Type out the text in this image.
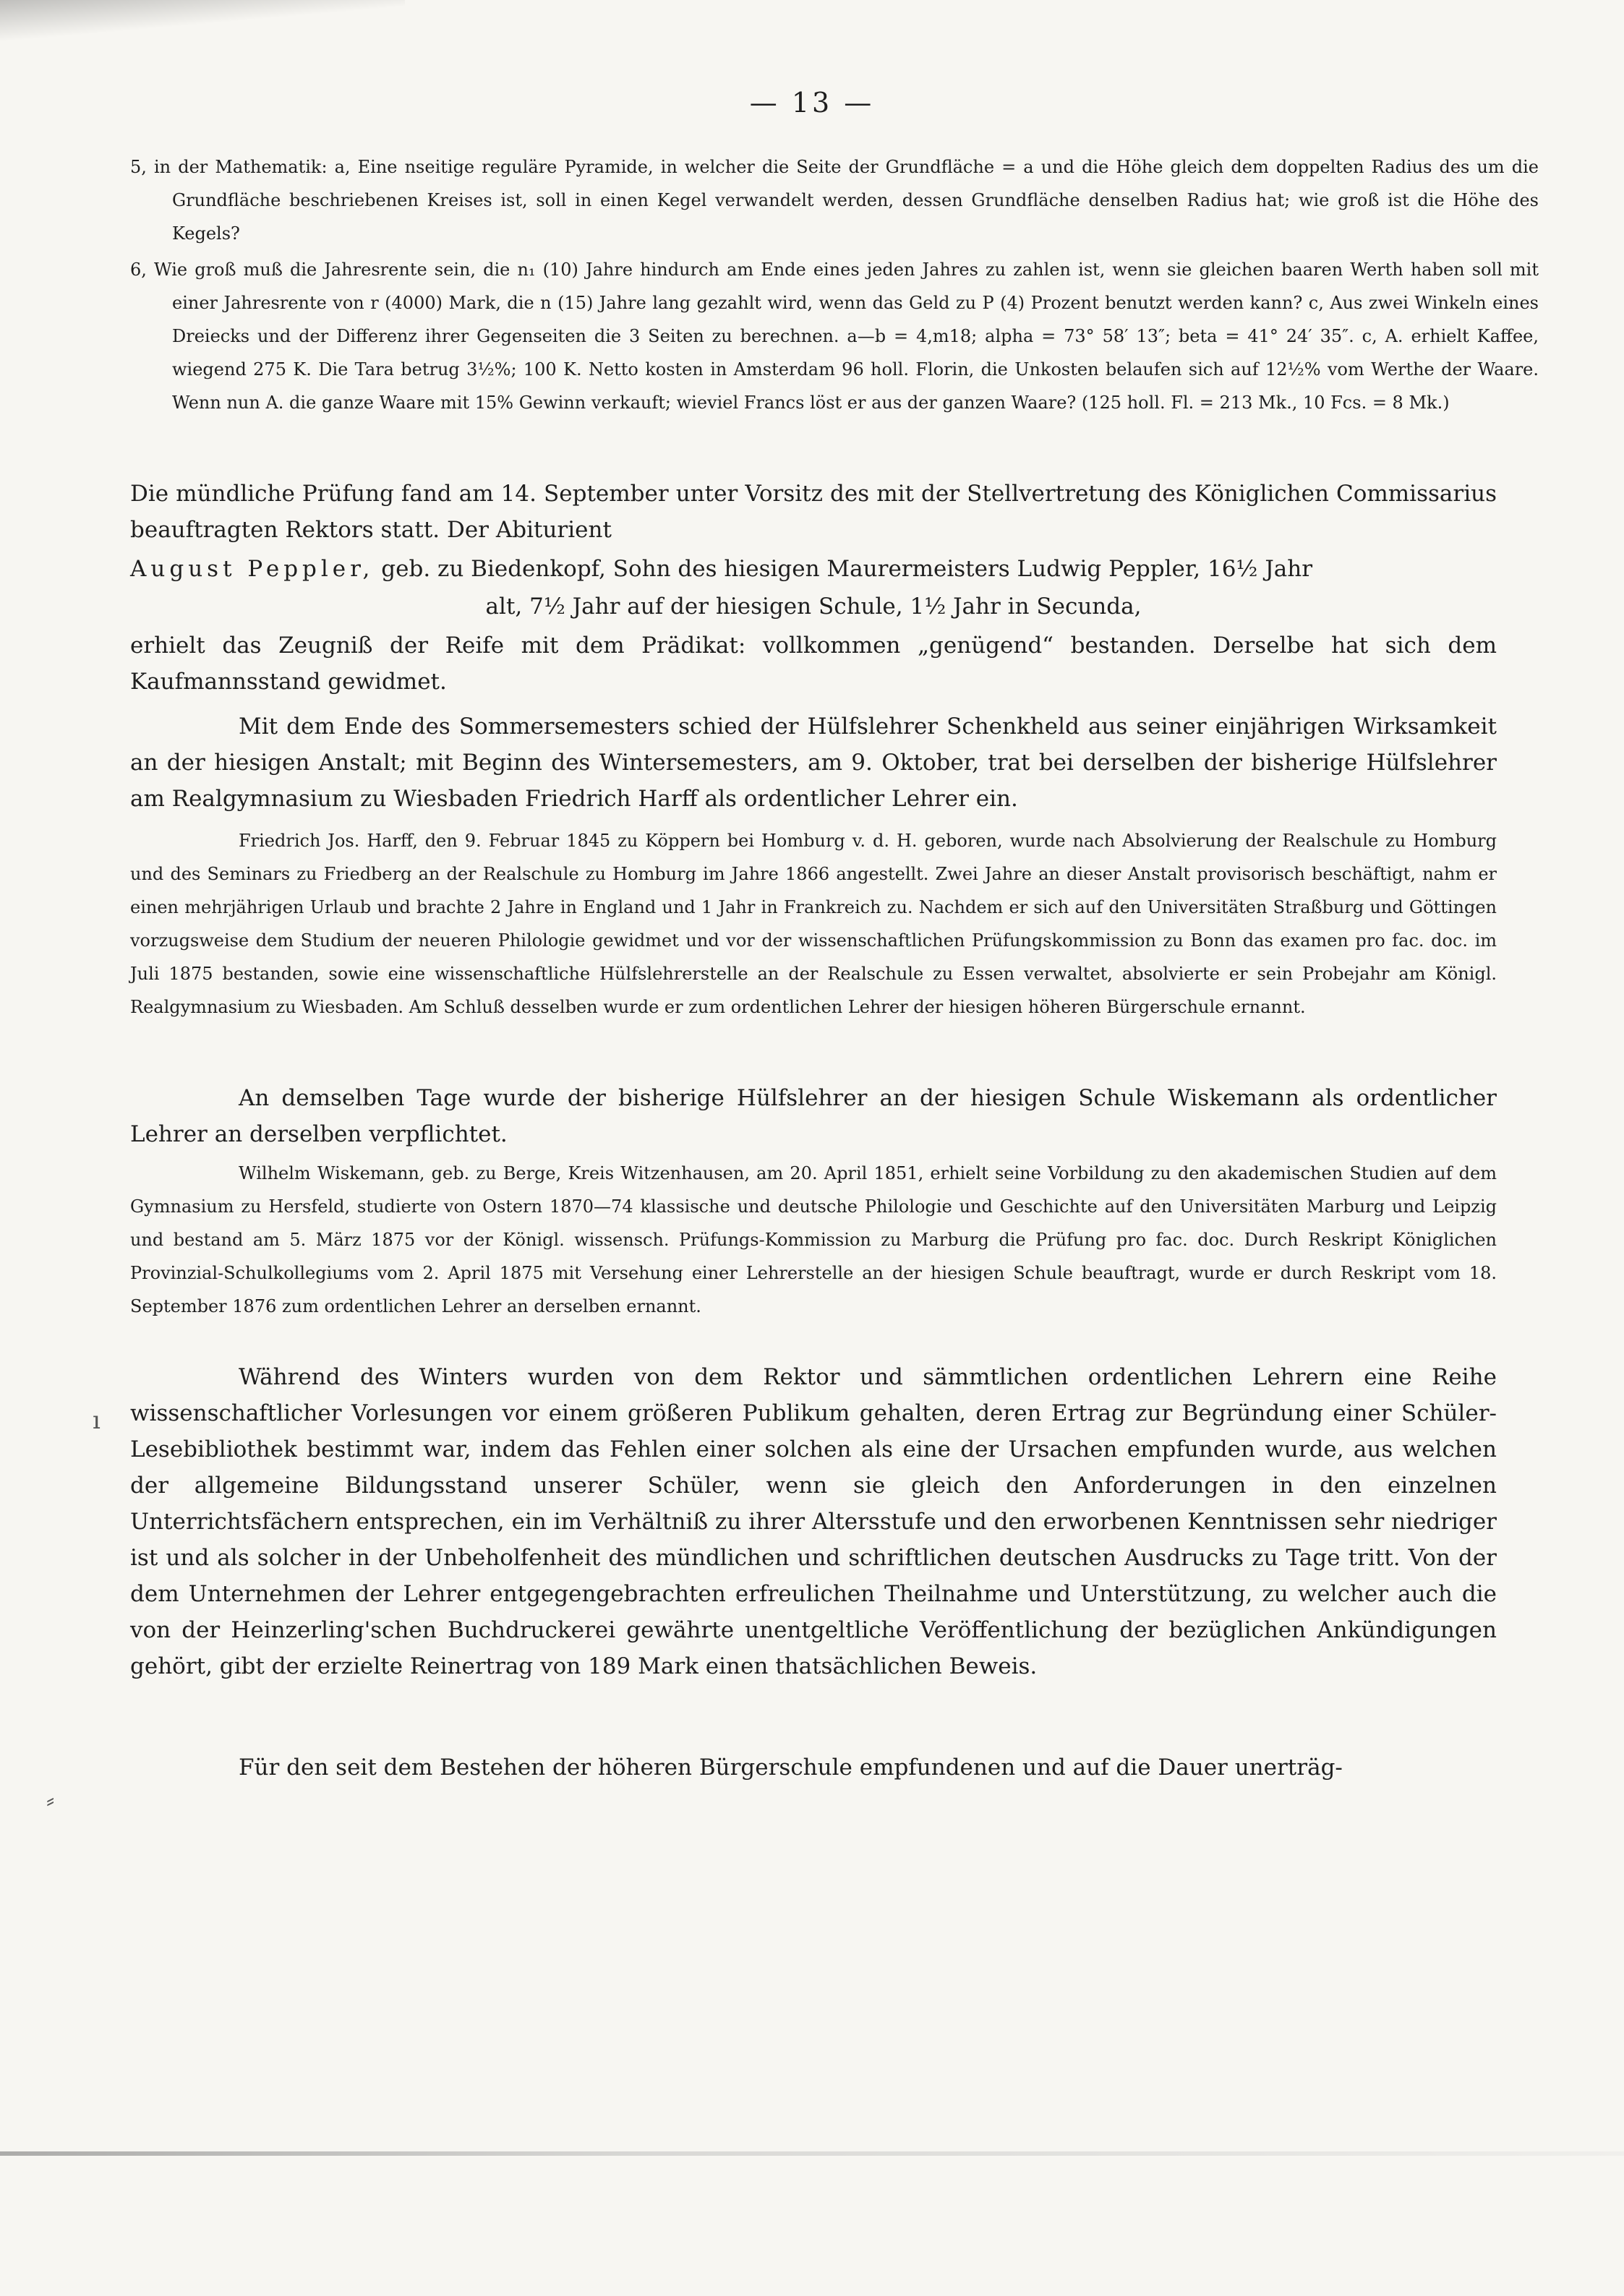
ı
⸗
— 13 —
5, in der Mathematik: a, Eine nseitige reguläre Pyramide, in welcher die Seite der Grundfläche = a und die Höhe gleich dem doppelten Radius des um die Grundfläche beschriebenen Kreises ist, soll in einen Kegel verwandelt werden, dessen Grundfläche denselben Radius hat; wie groß ist die Höhe des Kegels?
6, Wie groß muß die Jahresrente sein, die n₁ (10) Jahre hindurch am Ende eines jeden Jahres zu zahlen ist, wenn sie gleichen baaren Werth haben soll mit einer Jahresrente von r (4000) Mark, die n (15) Jahre lang gezahlt wird, wenn das Geld zu P (4) Prozent benutzt werden kann? c, Aus zwei Winkeln eines Dreiecks und der Differenz ihrer Gegenseiten die 3 Seiten zu berechnen. a—b = 4,m18; alpha = 73° 58′ 13″; beta = 41° 24′ 35″. c, A. erhielt Kaffee, wiegend 275 K. Die Tara betrug 3½%; 100 K. Netto kosten in Amsterdam 96 holl. Florin, die Unkosten belaufen sich auf 12½% vom Werthe der Waare. Wenn nun A. die ganze Waare mit 15% Gewinn verkauft; wieviel Francs löst er aus der ganzen Waare? (125 holl. Fl. = 213 Mk., 10 Fcs. = 8 Mk.)
Die mündliche Prüfung fand am 14. September unter Vorsitz des mit der Stellvertretung des Königlichen Commissarius beauftragten Rektors statt. Der Abiturient
August Peppler, geb. zu Biedenkopf, Sohn des hiesigen Maurermeisters Ludwig Peppler, 16½ Jahr
alt, 7½ Jahr auf der hiesigen Schule, 1½ Jahr in Secunda,
erhielt das Zeugniß der Reife mit dem Prädikat: vollkommen „genügend“ bestanden. Derselbe hat sich dem Kaufmannsstand gewidmet.
Mit dem Ende des Sommersemesters schied der Hülfslehrer Schenkheld aus seiner einjährigen Wirksamkeit an der hiesigen Anstalt; mit Beginn des Wintersemesters, am 9. Oktober, trat bei derselben der bisherige Hülfslehrer am Realgymnasium zu Wiesbaden Friedrich Harff als ordentlicher Lehrer ein.
Friedrich Jos. Harff, den 9. Februar 1845 zu Köppern bei Homburg v. d. H. geboren, wurde nach Absolvierung der Realschule zu Homburg und des Seminars zu Friedberg an der Realschule zu Homburg im Jahre 1866 angestellt. Zwei Jahre an dieser Anstalt provisorisch beschäftigt, nahm er einen mehrjährigen Urlaub und brachte 2 Jahre in England und 1 Jahr in Frankreich zu. Nachdem er sich auf den Universitäten Straßburg und Göttingen vorzugsweise dem Studium der neueren Philologie gewidmet und vor der wissenschaftlichen Prüfungskommission zu Bonn das examen pro fac. doc. im Juli 1875 bestanden, sowie eine wissenschaftliche Hülfslehrerstelle an der Realschule zu Essen verwaltet, absolvierte er sein Probejahr am Königl. Realgymnasium zu Wiesbaden. Am Schluß desselben wurde er zum ordentlichen Lehrer der hiesigen höheren Bürgerschule ernannt.
An demselben Tage wurde der bisherige Hülfslehrer an der hiesigen Schule Wiskemann als ordentlicher Lehrer an derselben verpflichtet.
Wilhelm Wiskemann, geb. zu Berge, Kreis Witzenhausen, am 20. April 1851, erhielt seine Vorbildung zu den akademischen Studien auf dem Gymnasium zu Hersfeld, studierte von Ostern 1870—74 klassische und deutsche Philologie und Geschichte auf den Universitäten Marburg und Leipzig und bestand am 5. März 1875 vor der Königl. wissensch. Prüfungs-Kommission zu Marburg die Prüfung pro fac. doc. Durch Reskript Königlichen Provinzial-Schulkollegiums vom 2. April 1875 mit Versehung einer Lehrerstelle an der hiesigen Schule beauftragt, wurde er durch Reskript vom 18. September 1876 zum ordentlichen Lehrer an derselben ernannt.
Während des Winters wurden von dem Rektor und sämmtlichen ordentlichen Lehrern eine Reihe wissenschaftlicher Vorlesungen vor einem größeren Publikum gehalten, deren Ertrag zur Begründung einer Schüler-Lesebibliothek bestimmt war, indem das Fehlen einer solchen als eine der Ursachen empfunden wurde, aus welchen der allgemeine Bildungsstand unserer Schüler, wenn sie gleich den Anforderungen in den einzelnen Unterrichtsfächern entsprechen, ein im Verhältniß zu ihrer Altersstufe und den erworbenen Kenntnissen sehr niedriger ist und als solcher in der Unbeholfenheit des mündlichen und schriftlichen deutschen Ausdrucks zu Tage tritt. Von der dem Unternehmen der Lehrer entgegengebrachten erfreulichen Theilnahme und Unterstützung, zu welcher auch die von der Heinzerling'schen Buchdruckerei gewährte unentgeltliche Veröffentlichung der bezüglichen Ankündigungen gehört, gibt der erzielte Reinertrag von 189 Mark einen thatsächlichen Beweis.
Für den seit dem Bestehen der höheren Bürgerschule empfundenen und auf die Dauer unerträg-
